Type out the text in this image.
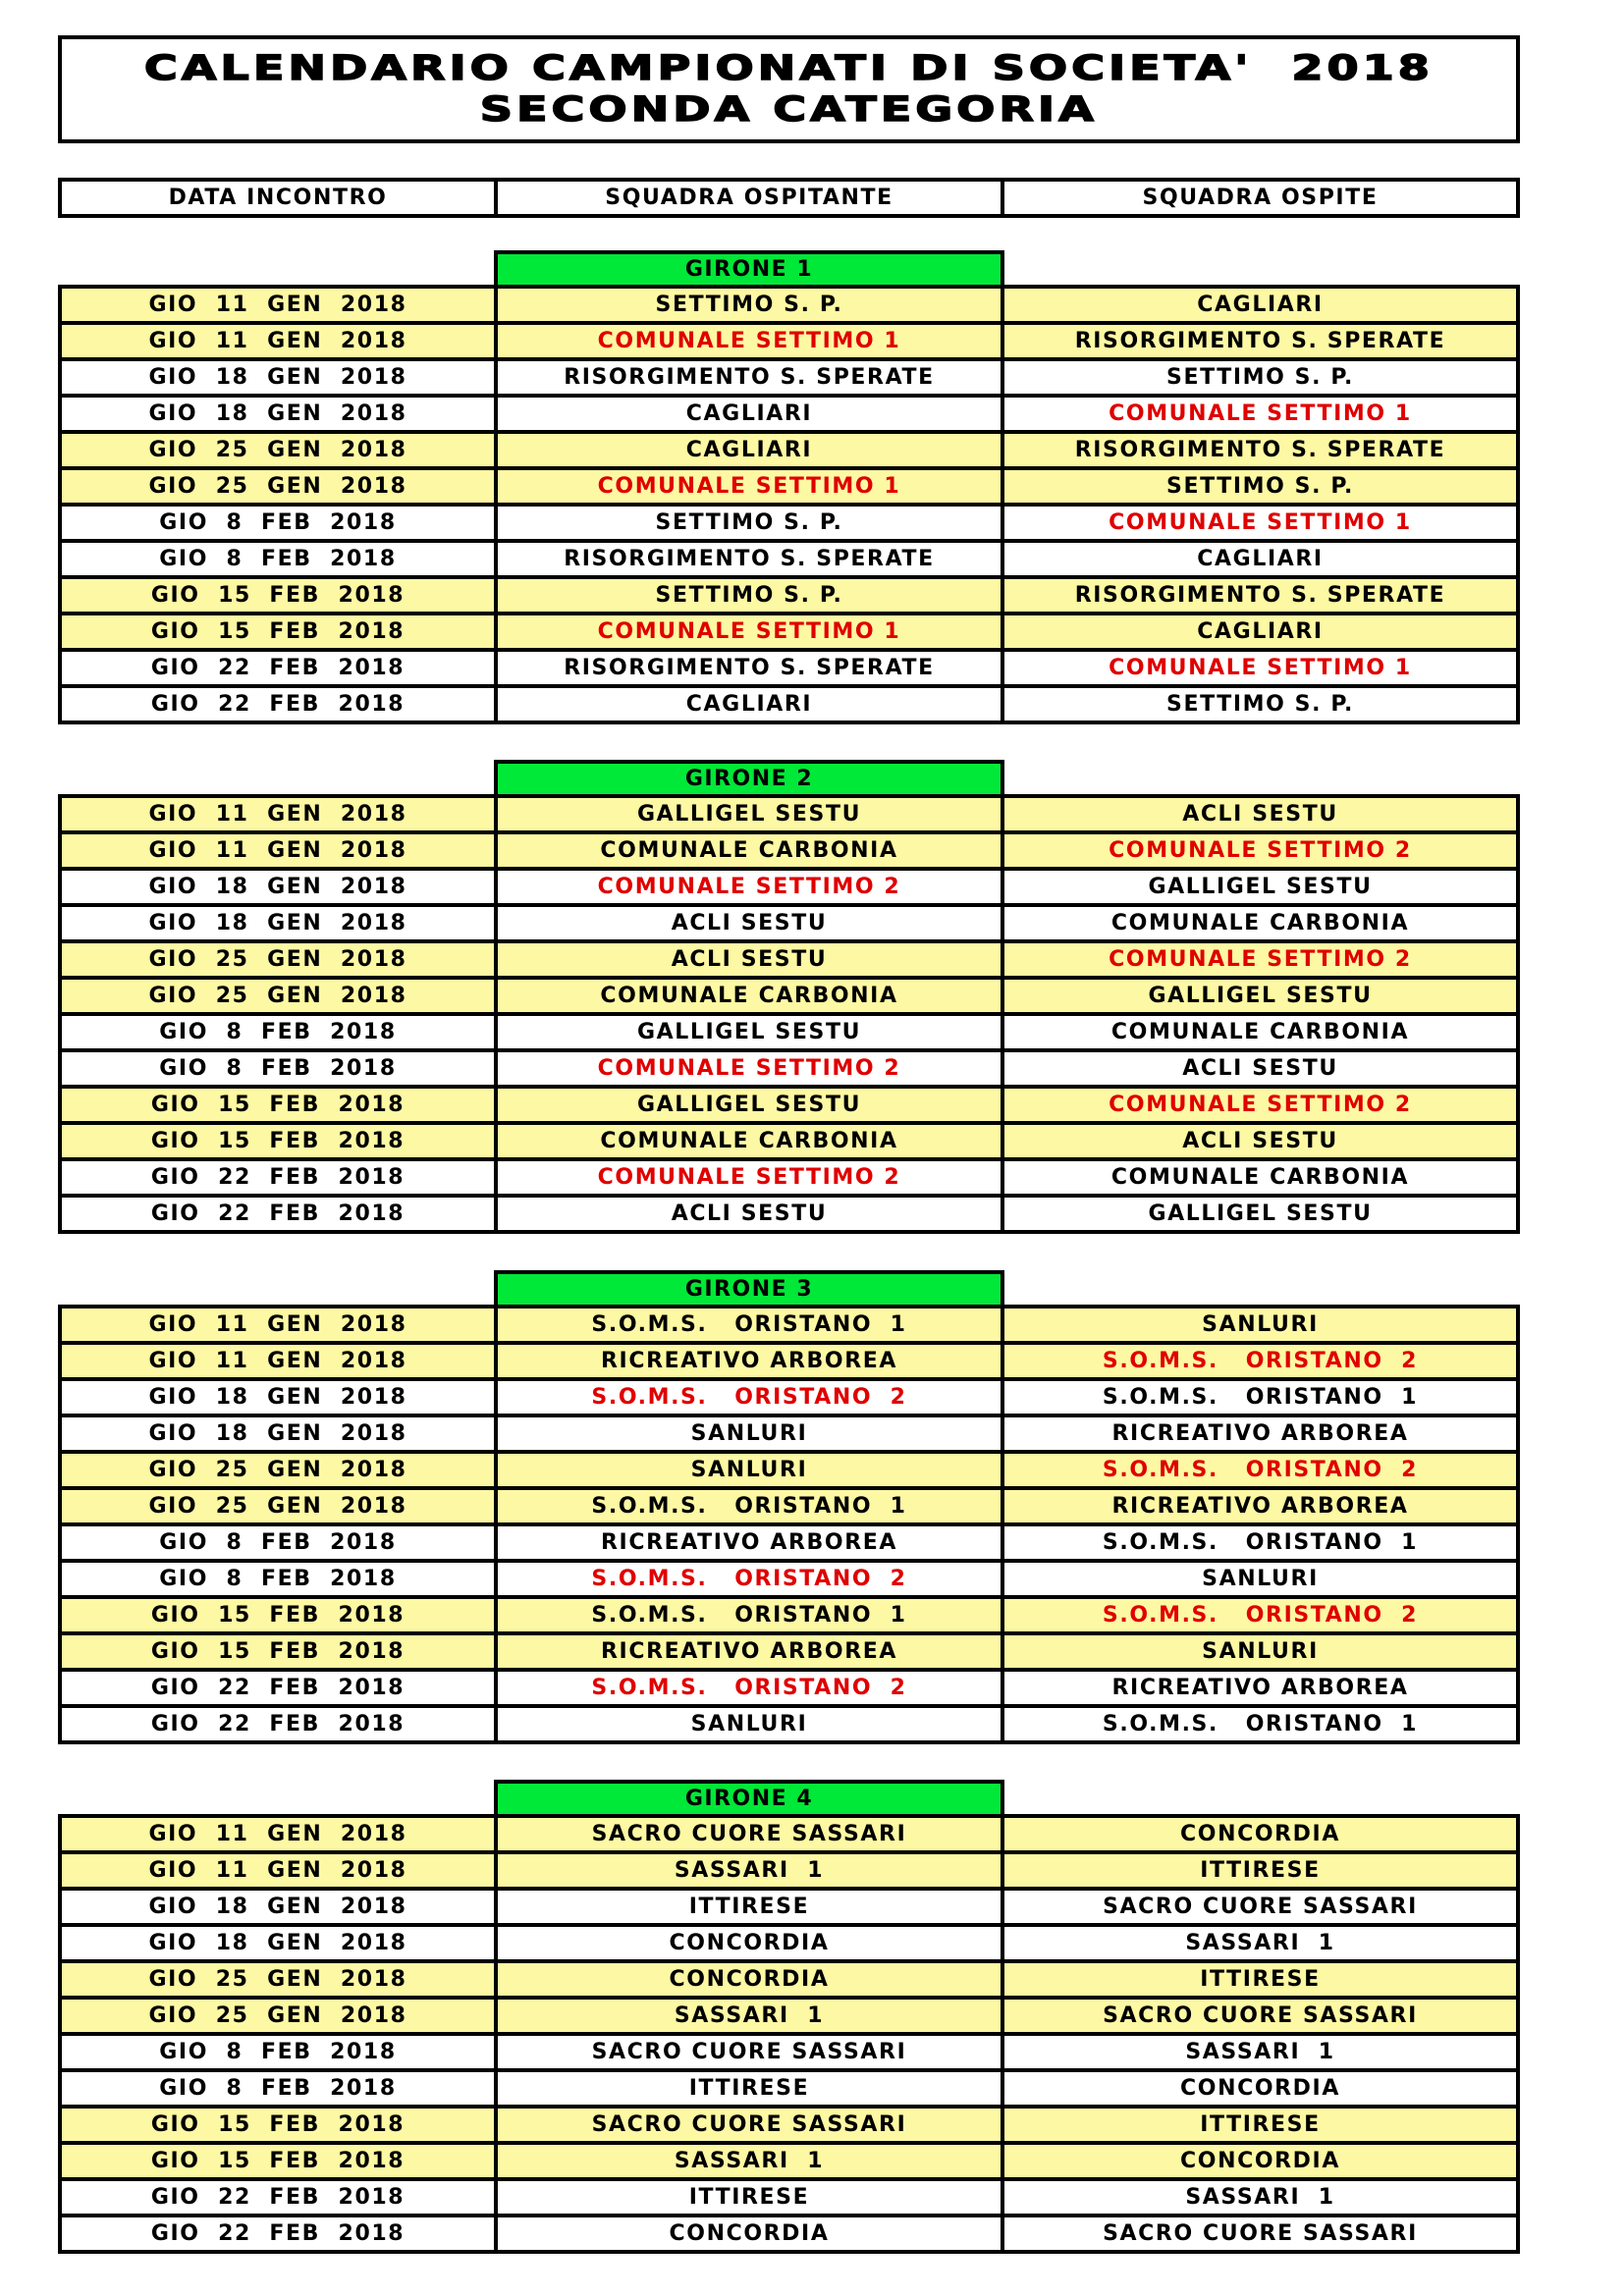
CALENDARIO CAMPIONATI DI SOCIETA'  2018
SECONDA CATEGORIA
DATA INCONTRO	SQUADRA OSPITANTE	SQUADRA OSPITE
GIRONE 1
GIO  11  GEN  2018	SETTIMO S. P.	CAGLIARI
GIO  11  GEN  2018	COMUNALE SETTIMO 1	RISORGIMENTO S. SPERATE
GIO  18  GEN  2018	RISORGIMENTO S. SPERATE	SETTIMO S. P.
GIO  18  GEN  2018	CAGLIARI	COMUNALE SETTIMO 1
GIO  25  GEN  2018	CAGLIARI	RISORGIMENTO S. SPERATE
GIO  25  GEN  2018	COMUNALE SETTIMO 1	SETTIMO S. P.
GIO  8  FEB  2018	SETTIMO S. P.	COMUNALE SETTIMO 1
GIO  8  FEB  2018	RISORGIMENTO S. SPERATE	CAGLIARI
GIO  15  FEB  2018	SETTIMO S. P.	RISORGIMENTO S. SPERATE
GIO  15  FEB  2018	COMUNALE SETTIMO 1	CAGLIARI
GIO  22  FEB  2018	RISORGIMENTO S. SPERATE	COMUNALE SETTIMO 1
GIO  22  FEB  2018	CAGLIARI	SETTIMO S. P.
GIRONE 2
GIO  11  GEN  2018	GALLIGEL SESTU	ACLI SESTU
GIO  11  GEN  2018	COMUNALE CARBONIA	COMUNALE SETTIMO 2
GIO  18  GEN  2018	COMUNALE SETTIMO 2	GALLIGEL SESTU
GIO  18  GEN  2018	ACLI SESTU	COMUNALE CARBONIA
GIO  25  GEN  2018	ACLI SESTU	COMUNALE SETTIMO 2
GIO  25  GEN  2018	COMUNALE CARBONIA	GALLIGEL SESTU
GIO  8  FEB  2018	GALLIGEL SESTU	COMUNALE CARBONIA
GIO  8  FEB  2018	COMUNALE SETTIMO 2	ACLI SESTU
GIO  15  FEB  2018	GALLIGEL SESTU	COMUNALE SETTIMO 2
GIO  15  FEB  2018	COMUNALE CARBONIA	ACLI SESTU
GIO  22  FEB  2018	COMUNALE SETTIMO 2	COMUNALE CARBONIA
GIO  22  FEB  2018	ACLI SESTU	GALLIGEL SESTU
GIRONE 3
GIO  11  GEN  2018	S.O.M.S.   ORISTANO  1	SANLURI
GIO  11  GEN  2018	RICREATIVO ARBOREA	S.O.M.S.   ORISTANO  2
GIO  18  GEN  2018	S.O.M.S.   ORISTANO  2	S.O.M.S.   ORISTANO  1
GIO  18  GEN  2018	SANLURI	RICREATIVO ARBOREA
GIO  25  GEN  2018	SANLURI	S.O.M.S.   ORISTANO  2
GIO  25  GEN  2018	S.O.M.S.   ORISTANO  1	RICREATIVO ARBOREA
GIO  8  FEB  2018	RICREATIVO ARBOREA	S.O.M.S.   ORISTANO  1
GIO  8  FEB  2018	S.O.M.S.   ORISTANO  2	SANLURI
GIO  15  FEB  2018	S.O.M.S.   ORISTANO  1	S.O.M.S.   ORISTANO  2
GIO  15  FEB  2018	RICREATIVO ARBOREA	SANLURI
GIO  22  FEB  2018	S.O.M.S.   ORISTANO  2	RICREATIVO ARBOREA
GIO  22  FEB  2018	SANLURI	S.O.M.S.   ORISTANO  1
GIRONE 4
GIO  11  GEN  2018	SACRO CUORE SASSARI	CONCORDIA
GIO  11  GEN  2018	SASSARI  1	ITTIRESE
GIO  18  GEN  2018	ITTIRESE	SACRO CUORE SASSARI
GIO  18  GEN  2018	CONCORDIA	SASSARI  1
GIO  25  GEN  2018	CONCORDIA	ITTIRESE
GIO  25  GEN  2018	SASSARI  1	SACRO CUORE SASSARI
GIO  8  FEB  2018	SACRO CUORE SASSARI	SASSARI  1
GIO  8  FEB  2018	ITTIRESE	CONCORDIA
GIO  15  FEB  2018	SACRO CUORE SASSARI	ITTIRESE
GIO  15  FEB  2018	SASSARI  1	CONCORDIA
GIO  22  FEB  2018	ITTIRESE	SASSARI  1
GIO  22  FEB  2018	CONCORDIA	SACRO CUORE SASSARI
